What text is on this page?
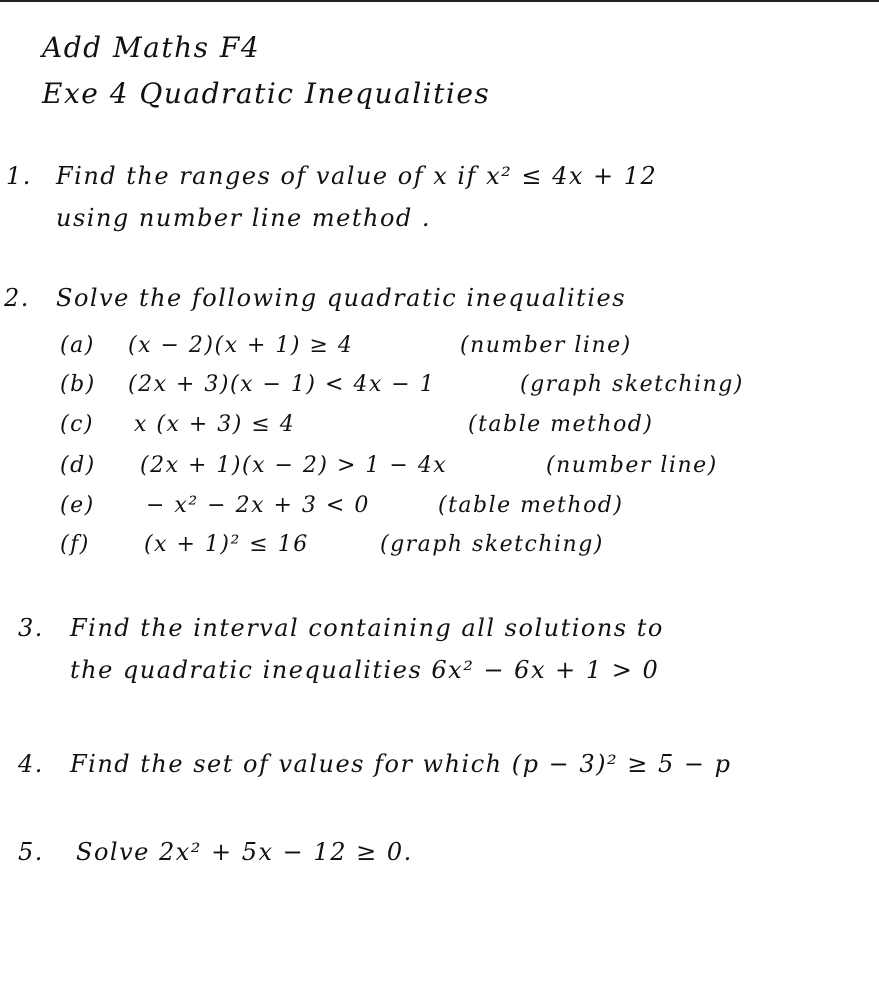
Add Maths F4
Exe 4 Quadratic Inequalities
1. Find the ranges of value of x if x² ≤ 4x + 12
using number line method .
2. Solve the following quadratic inequalities
(a) (x − 2)(x + 1) ≥ 4	(number line)
(b) (2x + 3)(x − 1) < 4x − 1	(graph sketching)
(c) x (x + 3) ≤ 4	(table method)
(d) (2x + 1)(x − 2) > 1 − 4x	(number line)
(e) − x² − 2x + 3 < 0	(table method)
(f) (x + 1)² ≤ 16	(graph sketching)
3. Find the interval containing all solutions to
the quadratic inequalities 6x² − 6x + 1 > 0
4. Find the set of values for which (p − 3)² ≥ 5 − p
5. Solve 2x² + 5x − 12 ≥ 0.
